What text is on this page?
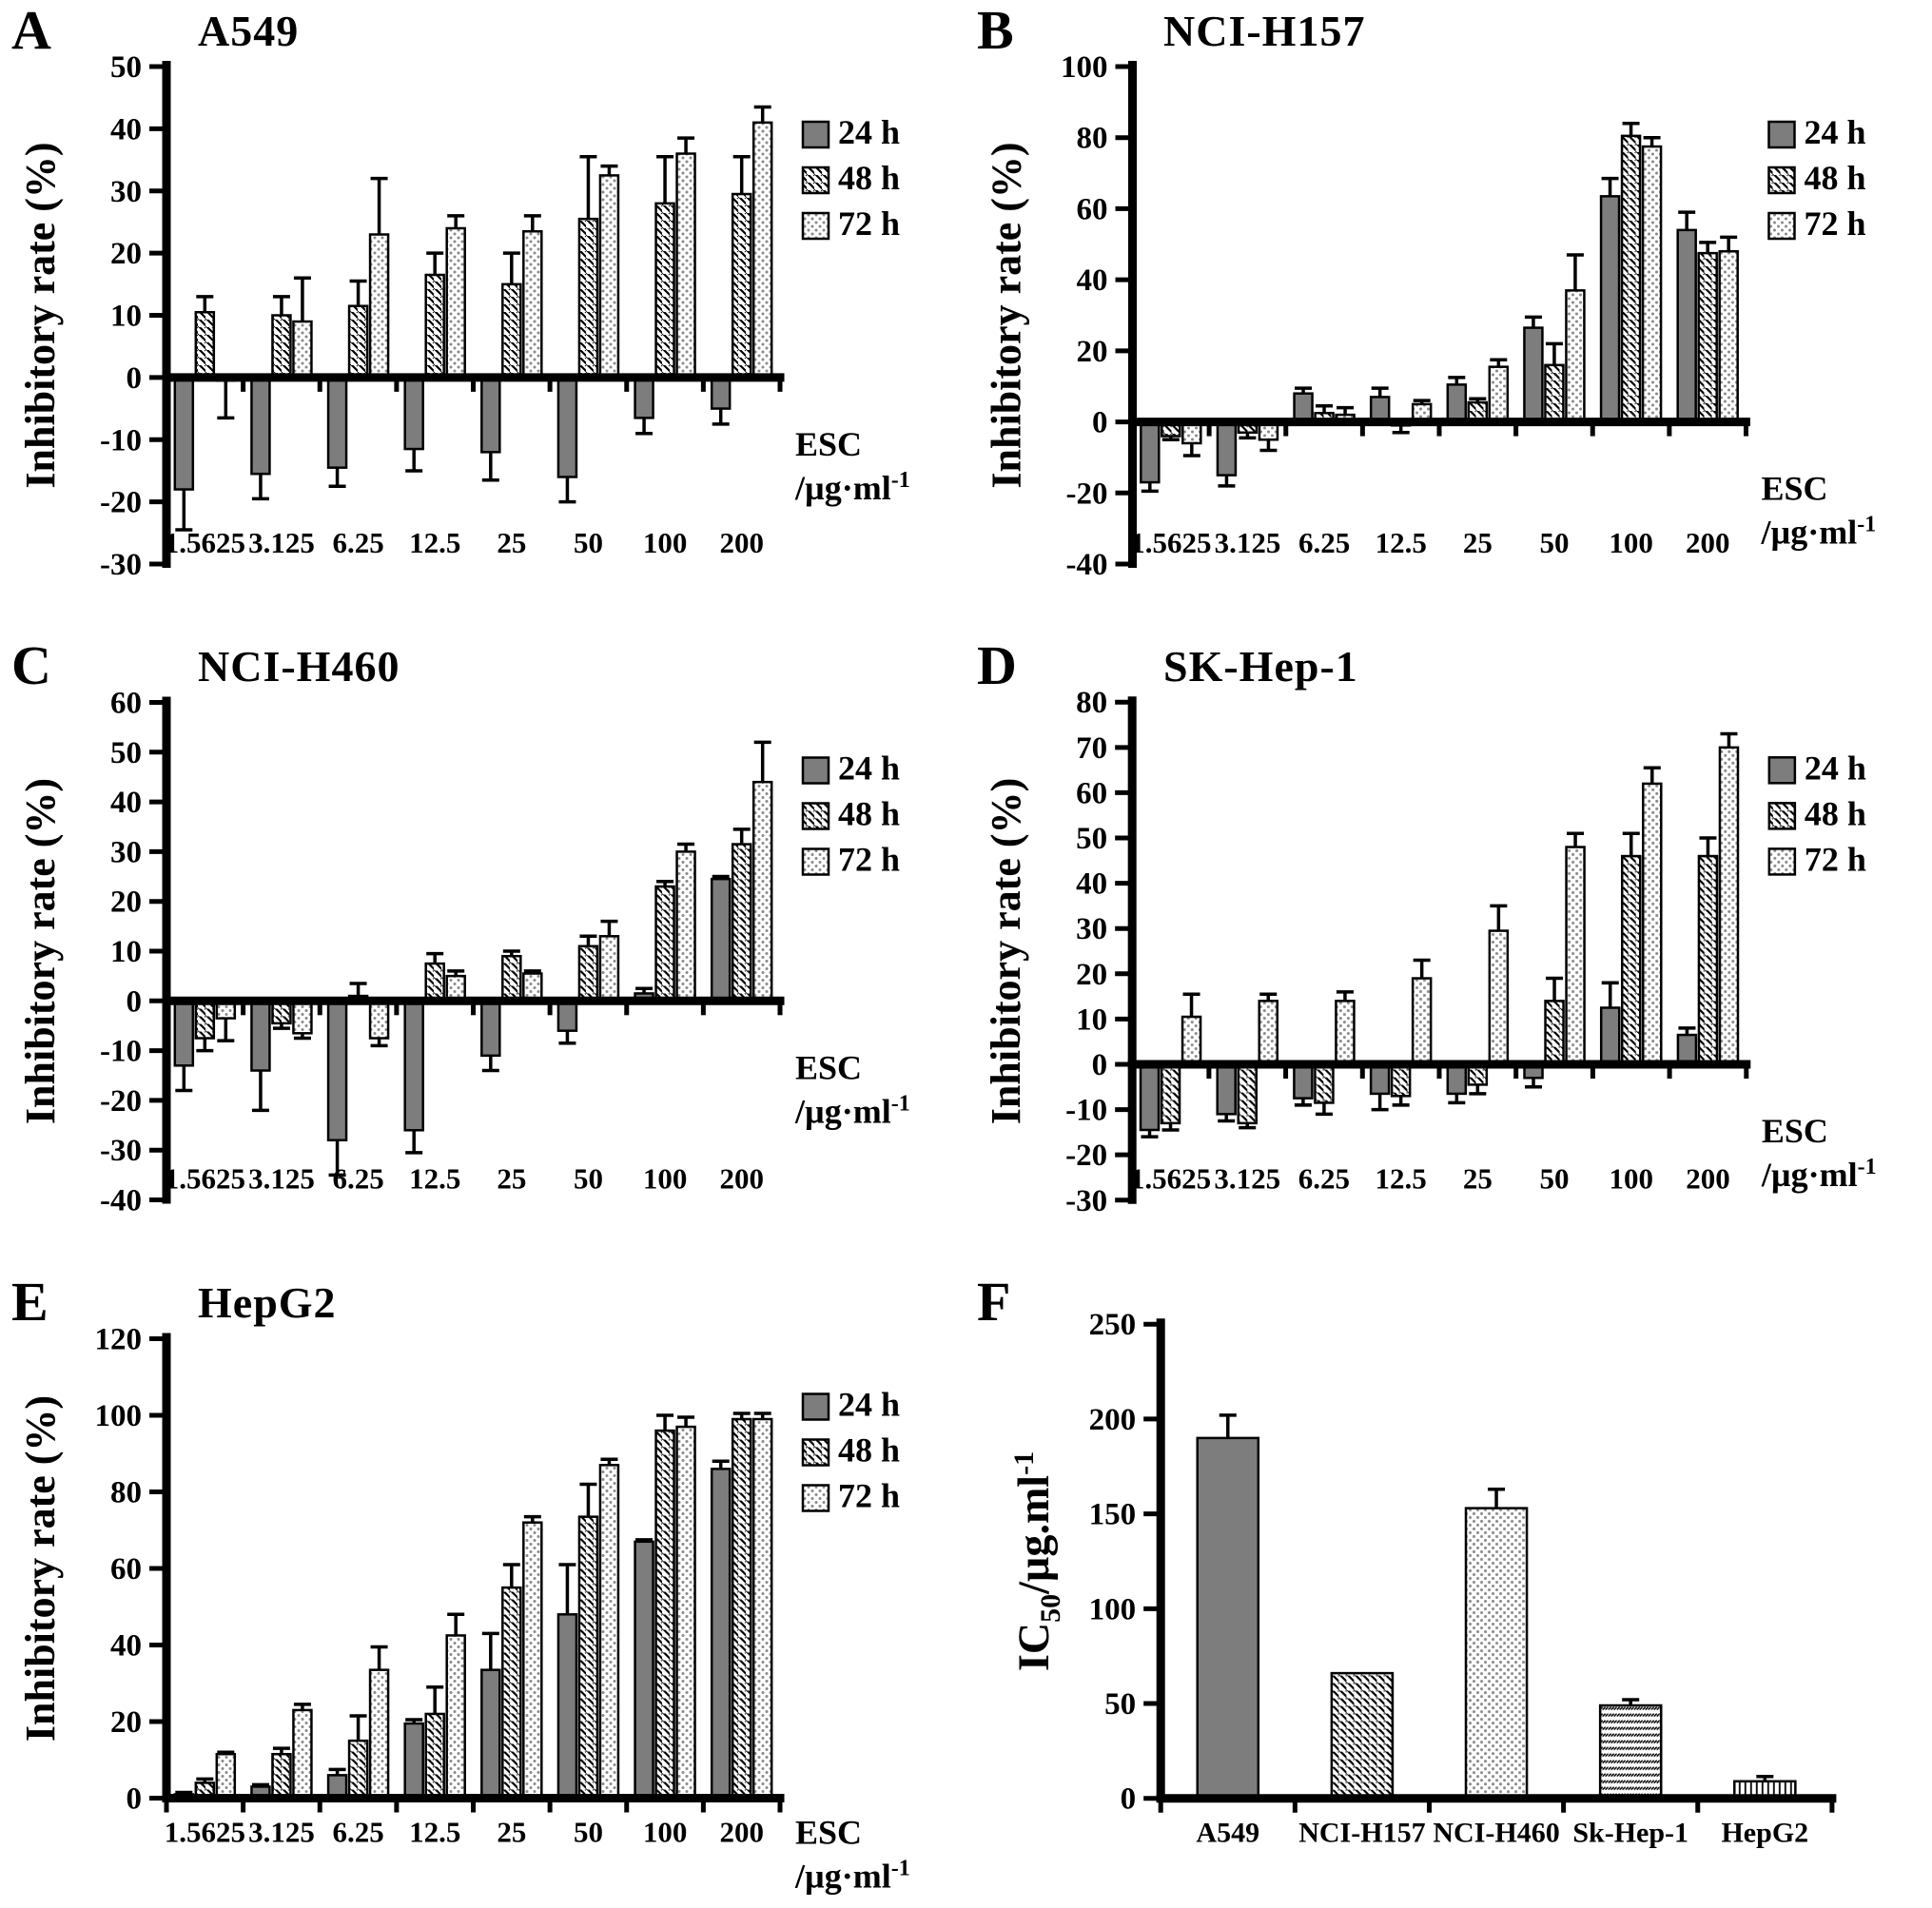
50
40
30
20
10
0
-10
-20
-30
1.5625 3.125 6.25 12.5 25 50 100 200
Inhibitory rate (%)
24 h
48 h
72 h
ESC
$/\mu g\cdot ml^{-1}$
A	A549
100
80
60
40
20
0
-20
-40
1.5625 3.125 6.25 12.5 25 50 100 200
Inhibitory rate (%)
24 h
48 h
72 h
ESC
$/\mu g\cdot ml^{-1}$
B	NCI-H157
60
50
40
30
20
10
0
-10
-20
-30
-40
1.5625 3.125 6.25 12.5 25 50 100 200
Inhibitory rate (%)
24 h
48 h
72 h
ESC
$/\mu g\cdot ml^{-1}$
C	NCI-H460
80
70
60
50
40
30
20
10
0
-10
-20
-30
1.5625 3.125 6.25 12.5 25 50 100 200
Inhibitory rate (%)
24 h
48 h
72 h
ESC
$/\mu g\cdot ml^{-1}$
D	SK-Hep-1
120
100
80
60
40
20
0
1.5625 3.125 6.25 12.5 25 50 100 200
Inhibitory rate (%)	24 h
48 h
72 h
ESC
$/\mu g\cdot ml^{-1}$
E	HepG2	250
200
150
100
50
0
A549 NCI-H157 NCI-H460 Sk-Hep-1 HepG2
$IC_{50}/\mu g.ml^{-1}$
F
